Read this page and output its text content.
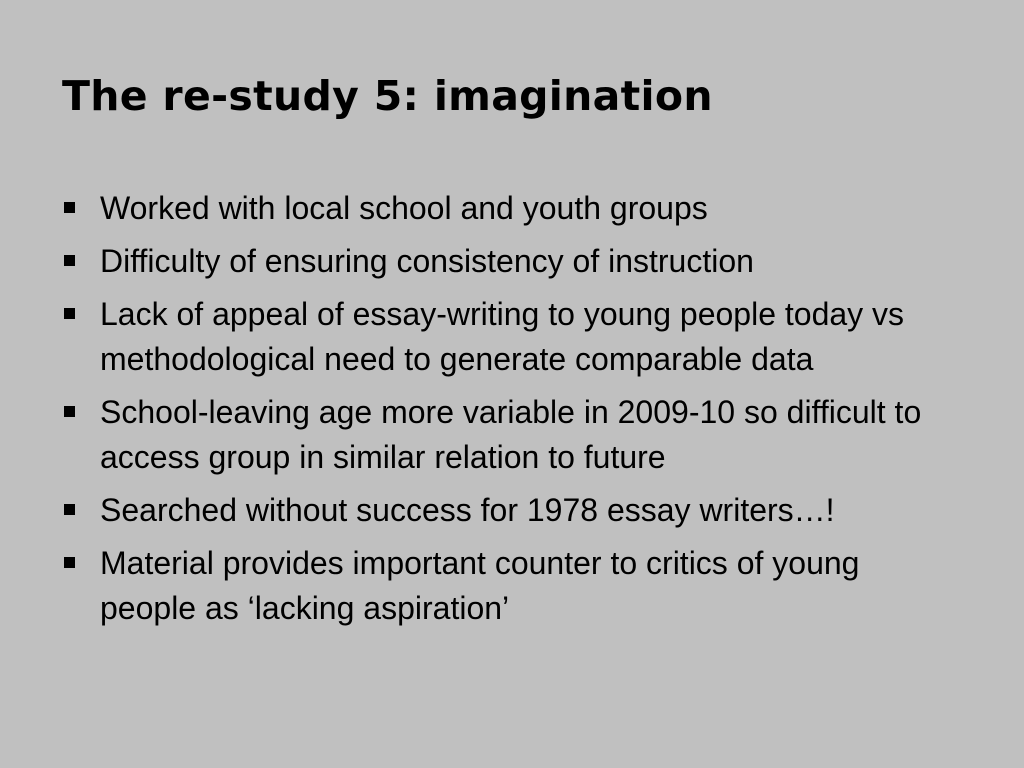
The re-study 5: imagination
Worked with local school and youth groups
Difficulty of ensuring consistency of instruction
Lack of appeal of essay-writing to young people today vs methodological need to generate comparable data
School-leaving age more variable in 2009-10 so difficult to access group in similar relation to future
Searched without success for 1978 essay writers…!
Material provides important counter to critics of young people as ‘lacking aspiration’
